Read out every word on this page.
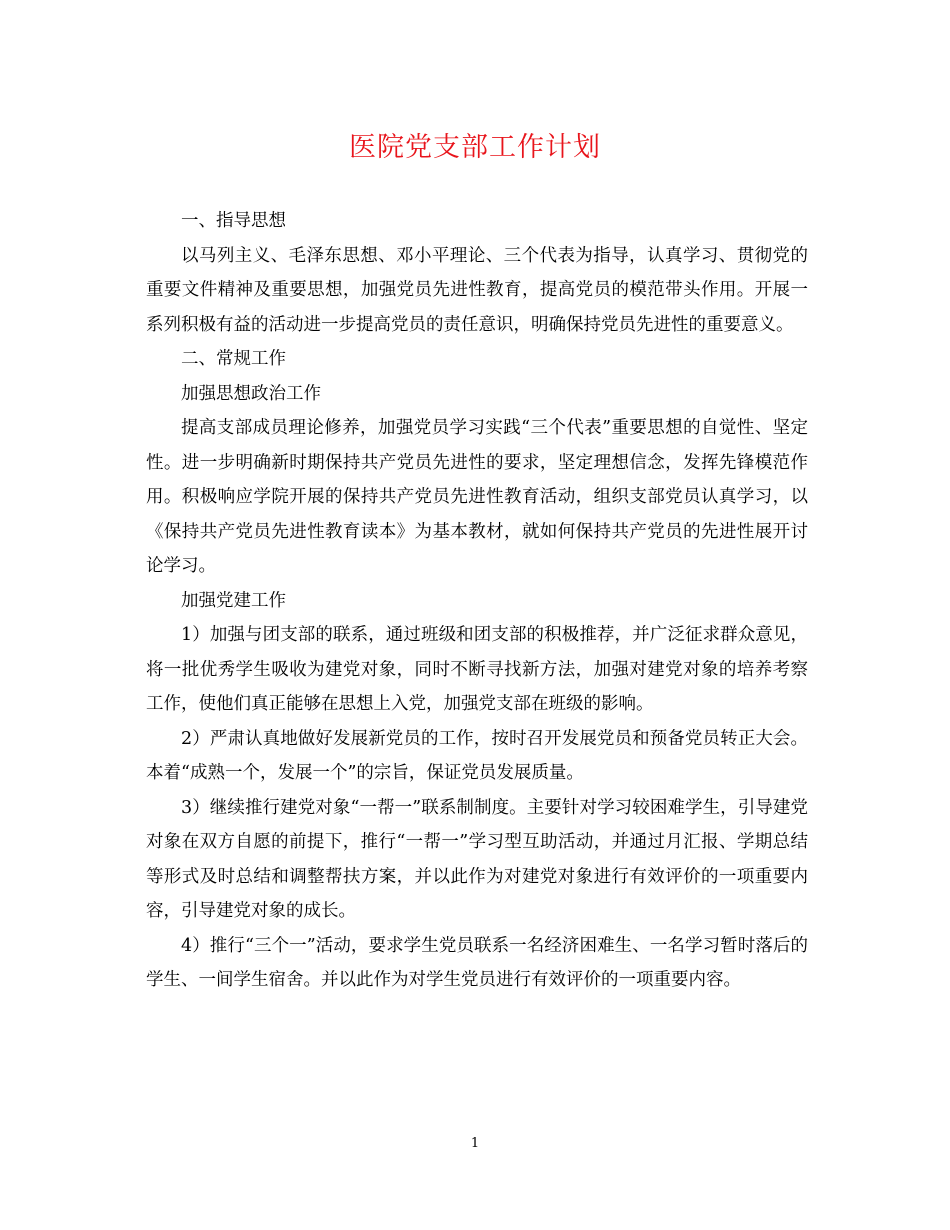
医院党支部工作计划

一、指导思想

以马列主义、毛泽东思想、邓小平理论、三个代表为指导，认真学习、贯彻党的重要文件精神及重要思想，加强党员先进性教育，提高党员的模范带头作用。开展一系列积极有益的活动进一步提高党员的责任意识，明确保持党员先进性的重要意义。

二、常规工作

加强思想政治工作

提高支部成员理论修养，加强党员学习实践“三个代表”重要思想的自觉性、坚定性。进一步明确新时期保持共产党员先进性的要求，坚定理想信念，发挥先锋模范作用。积极响应学院开展的保持共产党员先进性教育活动，组织支部党员认真学习，以《保持共产党员先进性教育读本》为基本教材，就如何保持共产党员的先进性展开讨论学习。

加强党建工作

1）加强与团支部的联系，通过班级和团支部的积极推荐，并广泛征求群众意见，将一批优秀学生吸收为建党对象，同时不断寻找新方法，加强对建党对象的培养考察工作，使他们真正能够在思想上入党，加强党支部在班级的影响。

2）严肃认真地做好发展新党员的工作，按时召开发展党员和预备党员转正大会。本着“成熟一个，发展一个”的宗旨，保证党员发展质量。

3）继续推行建党对象“一帮一”联系制制度。主要针对学习较困难学生，引导建党对象在双方自愿的前提下，推行“一帮一”学习型互助活动，并通过月汇报、学期总结等形式及时总结和调整帮扶方案，并以此作为对建党对象进行有效评价的一项重要内容，引导建党对象的成长。

4）推行“三个一”活动，要求学生党员联系一名经济困难生、一名学习暂时落后的学生、一间学生宿舍。并以此作为对学生党员进行有效评价的一项重要内容。

1
